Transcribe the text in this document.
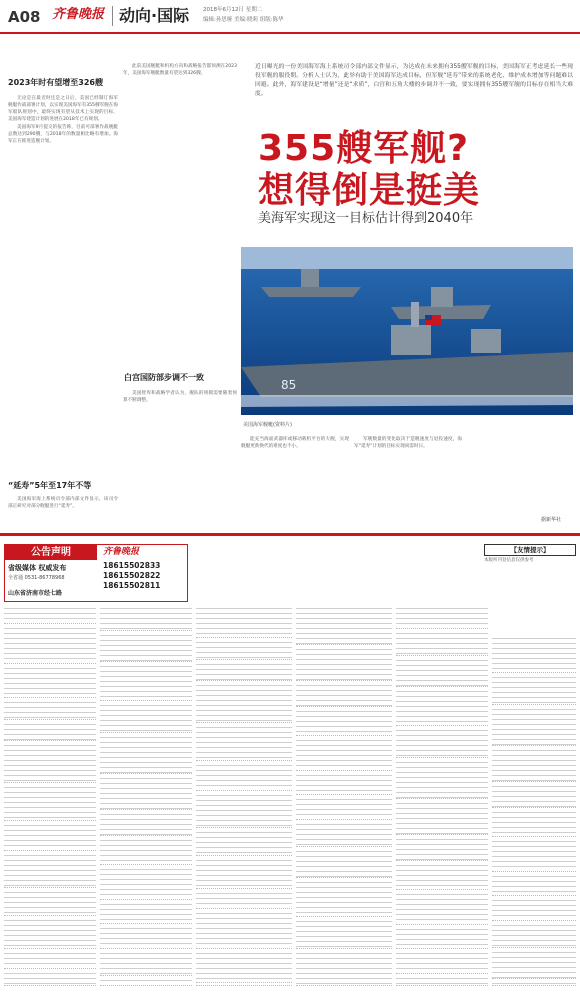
A08 齐鲁晚报 动向·国际	2018年6月12日 星期二
编辑:孙思娅 美编:晓莉 组版:陈华
2023年时有望增至326艘

无论是在最近时还是之日后，美国已经制订海军舰艇作战部署计划，以实现美国海军有355艘军舰在海军船队规划中，最终实现有望从技术上实现的目标，美国海军建造计划的进展在2018年已有规划。

美国海军9月提交的报告称，目前可部署作战舰艇总数达到290艘，与2018年的数量相比略有增加。海军正在推进造舰计划。

“延寿”5年至17年不等

美国海军海上系统司令部内部文件显示，该司令部正研究对部分舰艇进行“延寿”。

此前美国舰艇和机构方向和战略报告都预测在2023年，美国海军舰艇数量有望达到326艘。

白宫国防部步调不一致

美国智库和战略学者认为，舰队的规模需要随着预算不断调整。

近日曝光的一份美国海军海上系统司令部内部文件显示，为达成在未来拥有355艘军舰的目标，美国海军正考虑延长一些现役军舰的服役期。分析人士认为，此举有助于美国海军达成目标，但军舰“延寿”带来的系统老化、维护成本增加等问题难以回避。此外，海军建设是“增量”还是“求质”，白宫和五角大楼的步调并不一致，要实现拥有355艘军舰的目标存在相当大难度。
355艘军舰?
想得倒是挺美
美海军实现这一目标估计得到2040年
85
美国海军舰艇(资料片)

能充当海面武器库或移动载机平台的大舰，实现舰艇更新换代的难度也不小。

军舰数量的变化取决于造舰速度与退役速度，海军“延寿”计划的目标实现尚需时日。

据新华社
公告声明	齐鲁晚报
省级媒体 权威发布
全省通 0531-86778968
山东省济南市经七路
18615502833
18615502822
18615502811
【友情提示】
本版所刊登信息仅供参考
